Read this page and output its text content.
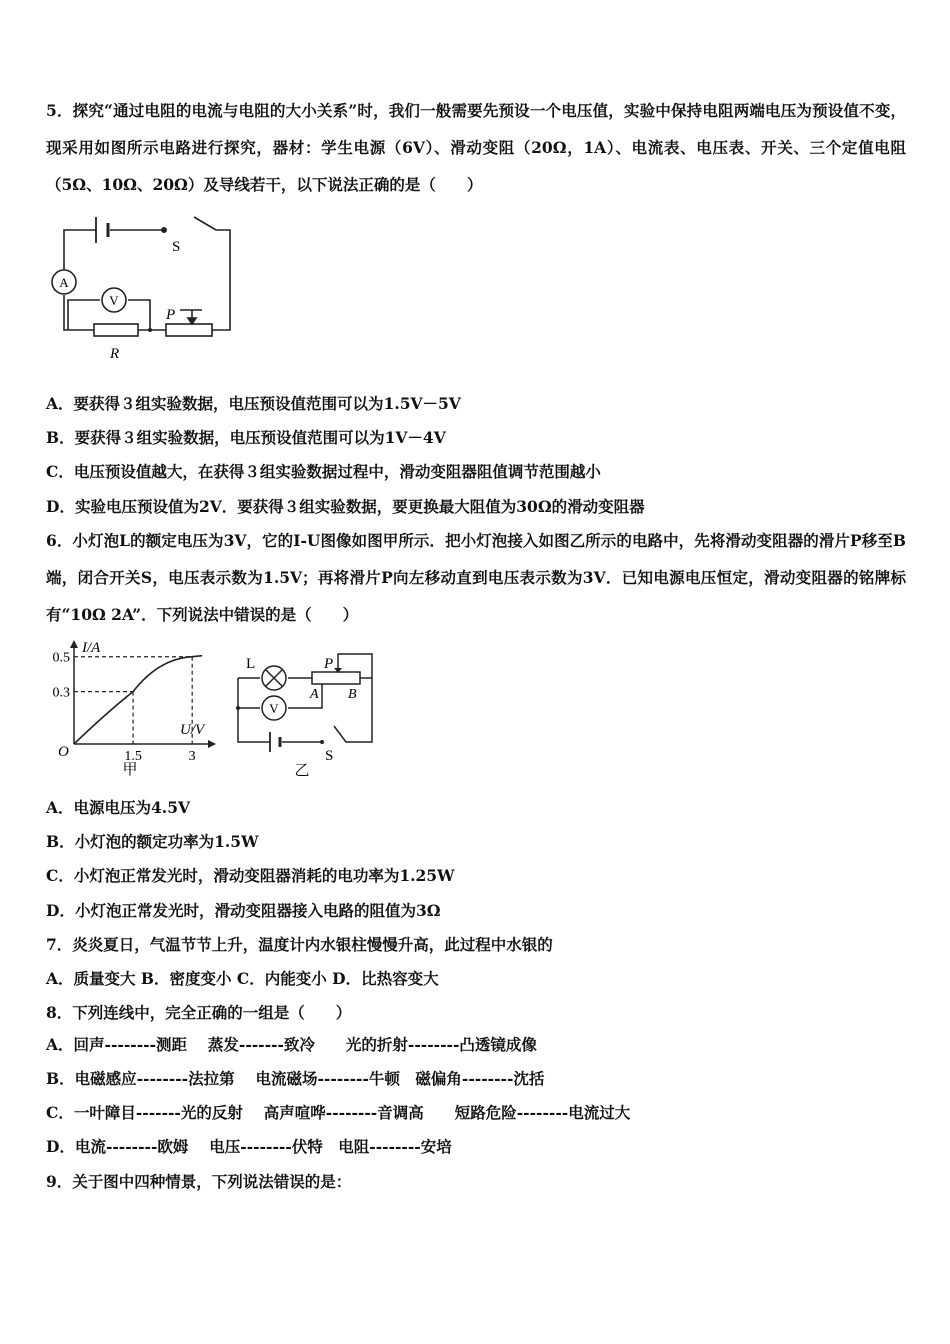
5．探究“通过电阻的电流与电阻的大小关系”时，我们一般需要先预设一个电压值，实验中保持电阻两端电压为预设值不变，现采用如图所示电路进行探究，器材：学生电源（6V）、滑动变阻（20Ω，1A）、电流表、电压表、开关、三个定值电阻（5Ω、10Ω、20Ω）及导线若干，以下说法正确的是（　　）
A
V
S
P
R
A．要获得３组实验数据，电压预设值范围可以为1.5V－5V
B．要获得３组实验数据，电压预设值范围可以为1V－4V
C．电压预设值越大，在获得３组实验数据过程中，滑动变阻器阻值调节范围越小
D．实验电压预设值为2V．要获得３组实验数据，要更换最大阻值为30Ω的滑动变阻器
6．小灯泡L的额定电压为3V，它的I-U图像如图甲所示．把小灯泡接入如图乙所示的电路中，先将滑动变阻器的滑片P移至B端，闭合开关S，电压表示数为1.5V；再将滑片P向左移动直到电压表示数为3V．已知电源电压恒定，滑动变阻器的铭牌标有“10Ω 2A”．下列说法中错误的是（　　）
I/A
U/V
O	1.5	3
0.5
0.3
甲
L
V
P
A B
S
乙
A．电源电压为4.5V
B．小灯泡的额定功率为1.5W
C．小灯泡正常发光时，滑动变阻器消耗的电功率为1.25W
D．小灯泡正常发光时，滑动变阻器接入电路的阻值为3Ω
7．炎炎夏日，气温节节上升，温度计内水银柱慢慢升高，此过程中水银的
A．质量变大 B．密度变小 C．内能变小 D．比热容变大
8．下列连线中，完全正确的一组是（　　）
A．回声--------测距　 蒸发-------致冷　　光的折射--------凸透镜成像
B．电磁感应--------法拉第　 电流磁场--------牛顿　磁偏角--------沈括
C．一叶障目-------光的反射　 高声喧哗--------音调高　　短路危险--------电流过大
D．电流--------欧姆　 电压--------伏特　电阻--------安培
9．关于图中四种情景，下列说法错误的是：
